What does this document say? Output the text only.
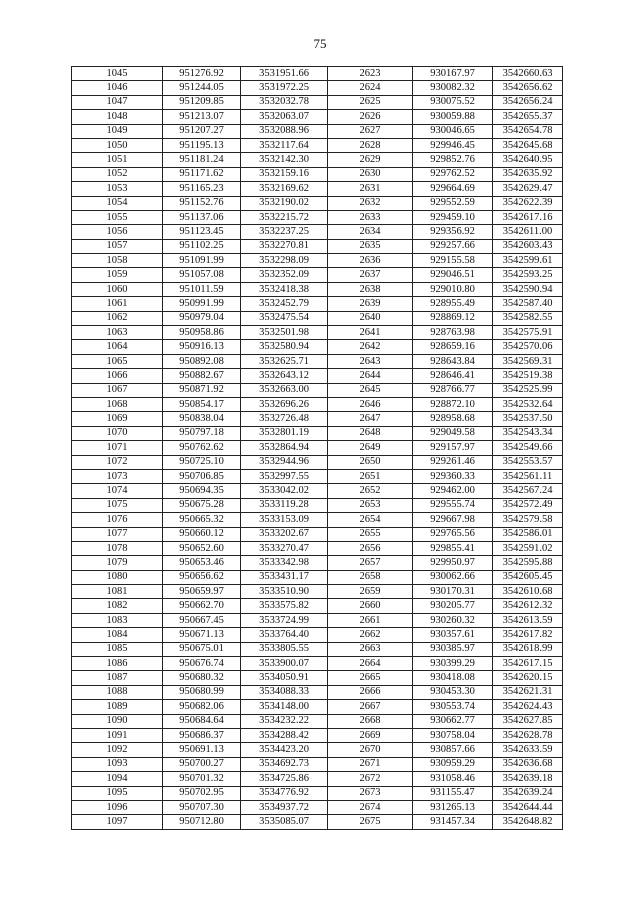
75
1045	951276.92	3531951.66	2623	930167.97	3542660.63
1046	951244.05	3531972.25	2624	930082.32	3542656.62
1047	951209.85	3532032.78	2625	930075.52	3542656.24
1048	951213.07	3532063.07	2626	930059.88	3542655.37
1049	951207.27	3532088.96	2627	930046.65	3542654.78
1050	951195.13	3532117.64	2628	929946.45	3542645.68
1051	951181.24	3532142.30	2629	929852.76	3542640.95
1052	951171.62	3532159.16	2630	929762.52	3542635.92
1053	951165.23	3532169.62	2631	929664.69	3542629.47
1054	951152.76	3532190.02	2632	929552.59	3542622.39
1055	951137.06	3532215.72	2633	929459.10	3542617.16
1056	951123.45	3532237.25	2634	929356.92	3542611.00
1057	951102.25	3532270.81	2635	929257.66	3542603.43
1058	951091.99	3532298.09	2636	929155.58	3542599.61
1059	951057.08	3532352.09	2637	929046.51	3542593.25
1060	951011.59	3532418.38	2638	929010.80	3542590.94
1061	950991.99	3532452.79	2639	928955.49	3542587.40
1062	950979.04	3532475.54	2640	928869.12	3542582.55
1063	950958.86	3532501.98	2641	928763.98	3542575.91
1064	950916.13	3532580.94	2642	928659.16	3542570.06
1065	950892.08	3532625.71	2643	928643.84	3542569.31
1066	950882.67	3532643.12	2644	928646.41	3542519.38
1067	950871.92	3532663.00	2645	928766.77	3542525.99
1068	950854.17	3532696.26	2646	928872.10	3542532.64
1069	950838.04	3532726.48	2647	928958.68	3542537.50
1070	950797.18	3532801.19	2648	929049.58	3542543.34
1071	950762.62	3532864.94	2649	929157.97	3542549.66
1072	950725.10	3532944.96	2650	929261.46	3542553.57
1073	950706.85	3532997.55	2651	929360.33	3542561.11
1074	950694.35	3533042.02	2652	929462.00	3542567.24
1075	950675.28	3533119.28	2653	929555.74	3542572.49
1076	950665.32	3533153.09	2654	929667.98	3542579.58
1077	950660.12	3533202.67	2655	929765.56	3542586.01
1078	950652.60	3533270.47	2656	929855.41	3542591.02
1079	950653.46	3533342.98	2657	929950.97	3542595.88
1080	950656.62	3533431.17	2658	930062.66	3542605.45
1081	950659.97	3533510.90	2659	930170.31	3542610.68
1082	950662.70	3533575.82	2660	930205.77	3542612.32
1083	950667.45	3533724.99	2661	930260.32	3542613.59
1084	950671.13	3533764.40	2662	930357.61	3542617.82
1085	950675.01	3533805.55	2663	930385.97	3542618.99
1086	950676.74	3533900.07	2664	930399.29	3542617.15
1087	950680.32	3534050.91	2665	930418.08	3542620.15
1088	950680.99	3534088.33	2666	930453.30	3542621.31
1089	950682.06	3534148.00	2667	930553.74	3542624.43
1090	950684.64	3534232.22	2668	930662.77	3542627.85
1091	950686.37	3534288.42	2669	930758.04	3542628.78
1092	950691.13	3534423.20	2670	930857.66	3542633.59
1093	950700.27	3534692.73	2671	930959.29	3542636.68
1094	950701.32	3534725.86	2672	931058.46	3542639.18
1095	950702.95	3534776.92	2673	931155.47	3542639.24
1096	950707.30	3534937.72	2674	931265.13	3542644.44
1097	950712.80	3535085.07	2675	931457.34	3542648.82
